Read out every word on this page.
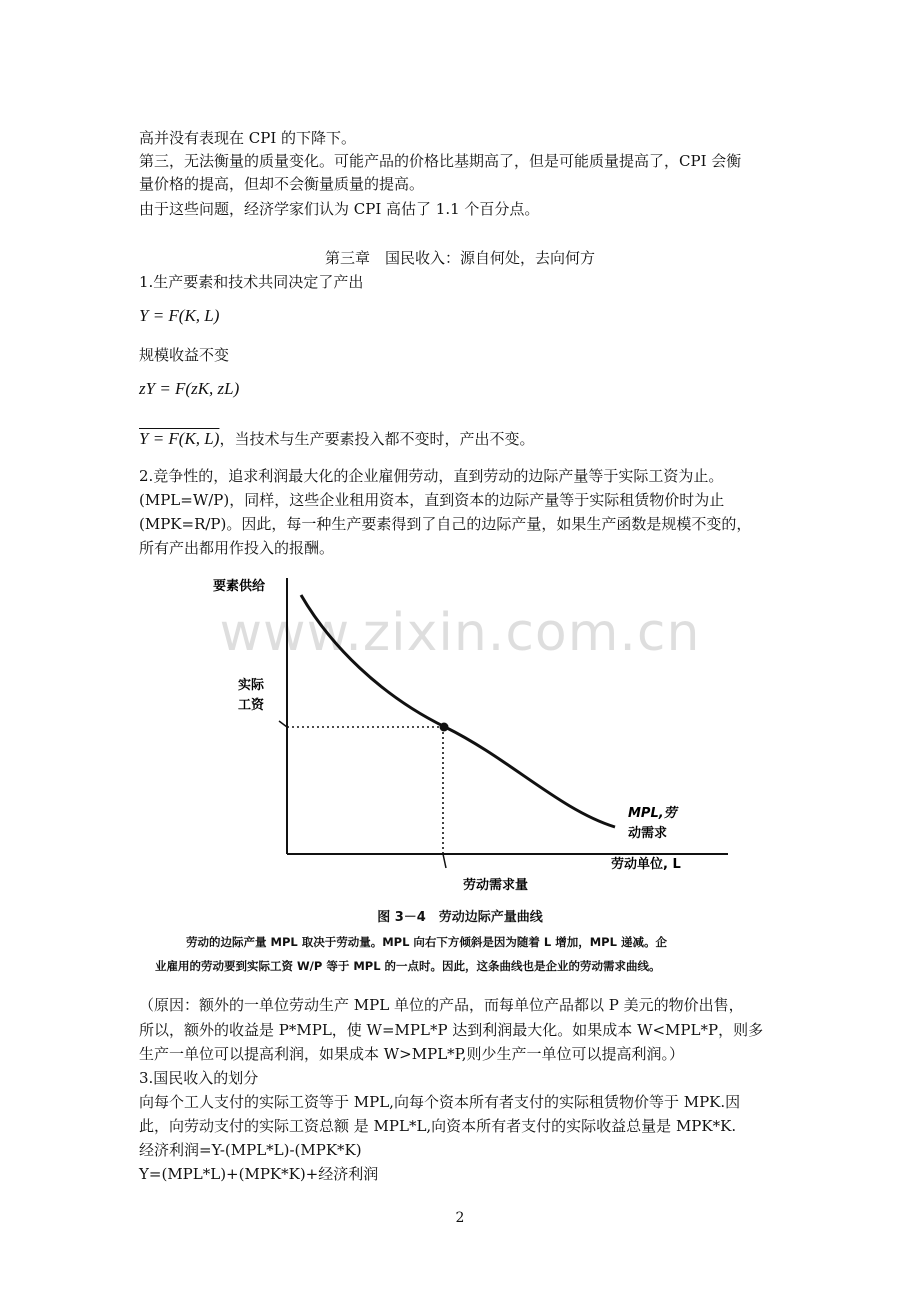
高并没有表现在 CPI 的下降下。
第三，无法衡量的质量变化。可能产品的价格比基期高了，但是可能质量提高了，CPI 会衡
量价格的提高，但却不会衡量质量的提高。
由于这些问题，经济学家们认为 CPI 高估了 1.1 个百分点。
第三章　国民收入：源自何处，去向何方
1.生产要素和技术共同决定了产出
Y = F(K, L)
规模收益不变
zY = F(zK, zL)
Y = F(K, L)，当技术与生产要素投入都不变时，产出不变。
2.竞争性的，追求利润最大化的企业雇佣劳动，直到劳动的边际产量等于实际工资为止。
(MPL=W/P)，同样，这些企业租用资本，直到资本的边际产量等于实际租赁物价时为止
(MPK=R/P)。因此，每一种生产要素得到了自己的边际产量，如果生产函数是规模不变的，
所有产出都用作投入的报酬。
要素供给
实际
工资
MPL,劳
动需求
劳动单位, L
劳动需求量
www.zixin.com.cn
图 3－4　劳动边际产量曲线
劳动的边际产量 MPL 取决于劳动量。MPL 向右下方倾斜是因为随着 L 增加，MPL 递减。企
业雇用的劳动要到实际工资 W/P 等于 MPL 的一点时。因此，这条曲线也是企业的劳动需求曲线。
（原因：额外的一单位劳动生产 MPL 单位的产品，而每单位产品都以 P 美元的物价出售，
所以，额外的收益是 P*MPL，使 W=MPL*P 达到利润最大化。如果成本 W<MPL*P，则多
生产一单位可以提高利润，如果成本 W>MPL*P,则少生产一单位可以提高利润。）
3.国民收入的划分
向每个工人支付的实际工资等于 MPL,向每个资本所有者支付的实际租赁物价等于 MPK.因
此，向劳动支付的实际工资总额 是 MPL*L,向资本所有者支付的实际收益总量是 MPK*K.
经济利润=Y-(MPL*L)-(MPK*K)
Y=(MPL*L)+(MPK*K)+经济利润
2
